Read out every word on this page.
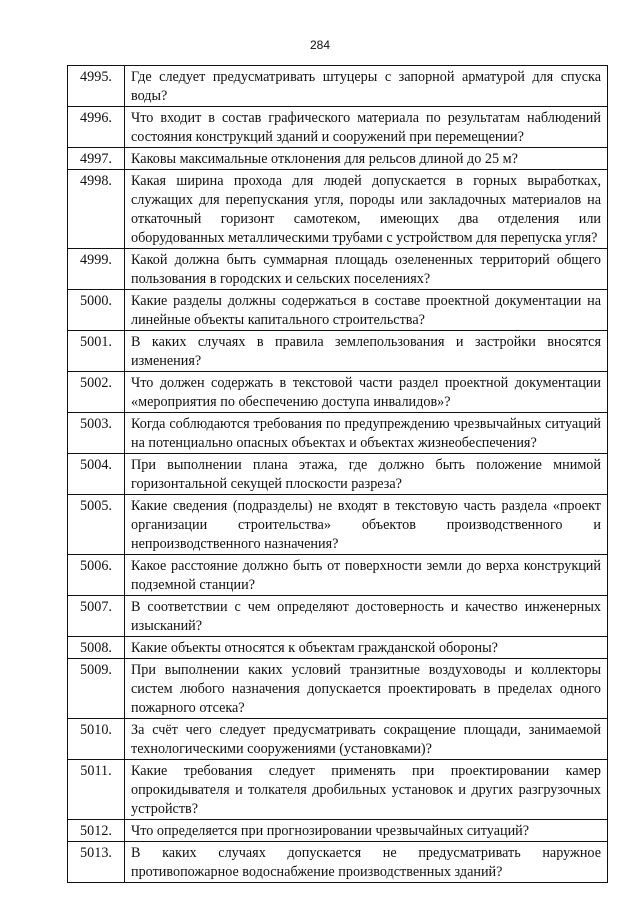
284
4995.	Где следует предусматривать штуцеры с запорной арматурой для спуска воды?
4996.	Что входит в состав графического материала по результатам наблюдений состояния конструкций зданий и сооружений при перемещении?
4997.	Каковы максимальные отклонения для рельсов длиной до 25 м?
4998.	Какая ширина прохода для людей допускается в горных выработках, служащих для перепускания угля, породы или закладочных материалов на откаточный горизонт самотеком, имеющих два отделения или оборудованных металлическими трубами с устройством для перепуска угля?
4999.	Какой должна быть суммарная площадь озелененных территорий общего пользования в городских и сельских поселениях?
5000.	Какие разделы должны содержаться в составе проектной документации на линейные объекты капитального строительства?
5001.	В каких случаях в правила землепользования и застройки вносятся изменения?
5002.	Что должен содержать в текстовой части раздел проектной документации «мероприятия по обеспечению доступа инвалидов»?
5003.	Когда соблюдаются требования по предупреждению чрезвычайных ситуаций на потенциально опасных объектах и объектах жизнеобеспечения?
5004.	При выполнении плана этажа, где должно быть положение мнимой горизонтальной секущей плоскости разреза?
5005.	Какие сведения (подразделы) не входят в текстовую часть раздела «проект организации строительства» объектов производственного и непроизводственного назначения?
5006.	Какое расстояние должно быть от поверхности земли до верха конструкций подземной станции?
5007.	В соответствии с чем определяют достоверность и качество инженерных изысканий?
5008.	Какие объекты относятся к объектам гражданской обороны?
5009.	При выполнении каких условий транзитные воздуховоды и коллекторы систем любого назначения допускается проектировать в пределах одного пожарного отсека?
5010.	За счёт чего следует предусматривать сокращение площади, занимаемой технологическими сооружениями (установками)?
5011.	Какие требования следует применять при проектировании камер опрокидывателя и толкателя дробильных установок и других разгрузочных устройств?
5012.	Что определяется при прогнозировании чрезвычайных ситуаций?
5013.	В каких случаях допускается не предусматривать наружное противопожарное водоснабжение производственных зданий?
